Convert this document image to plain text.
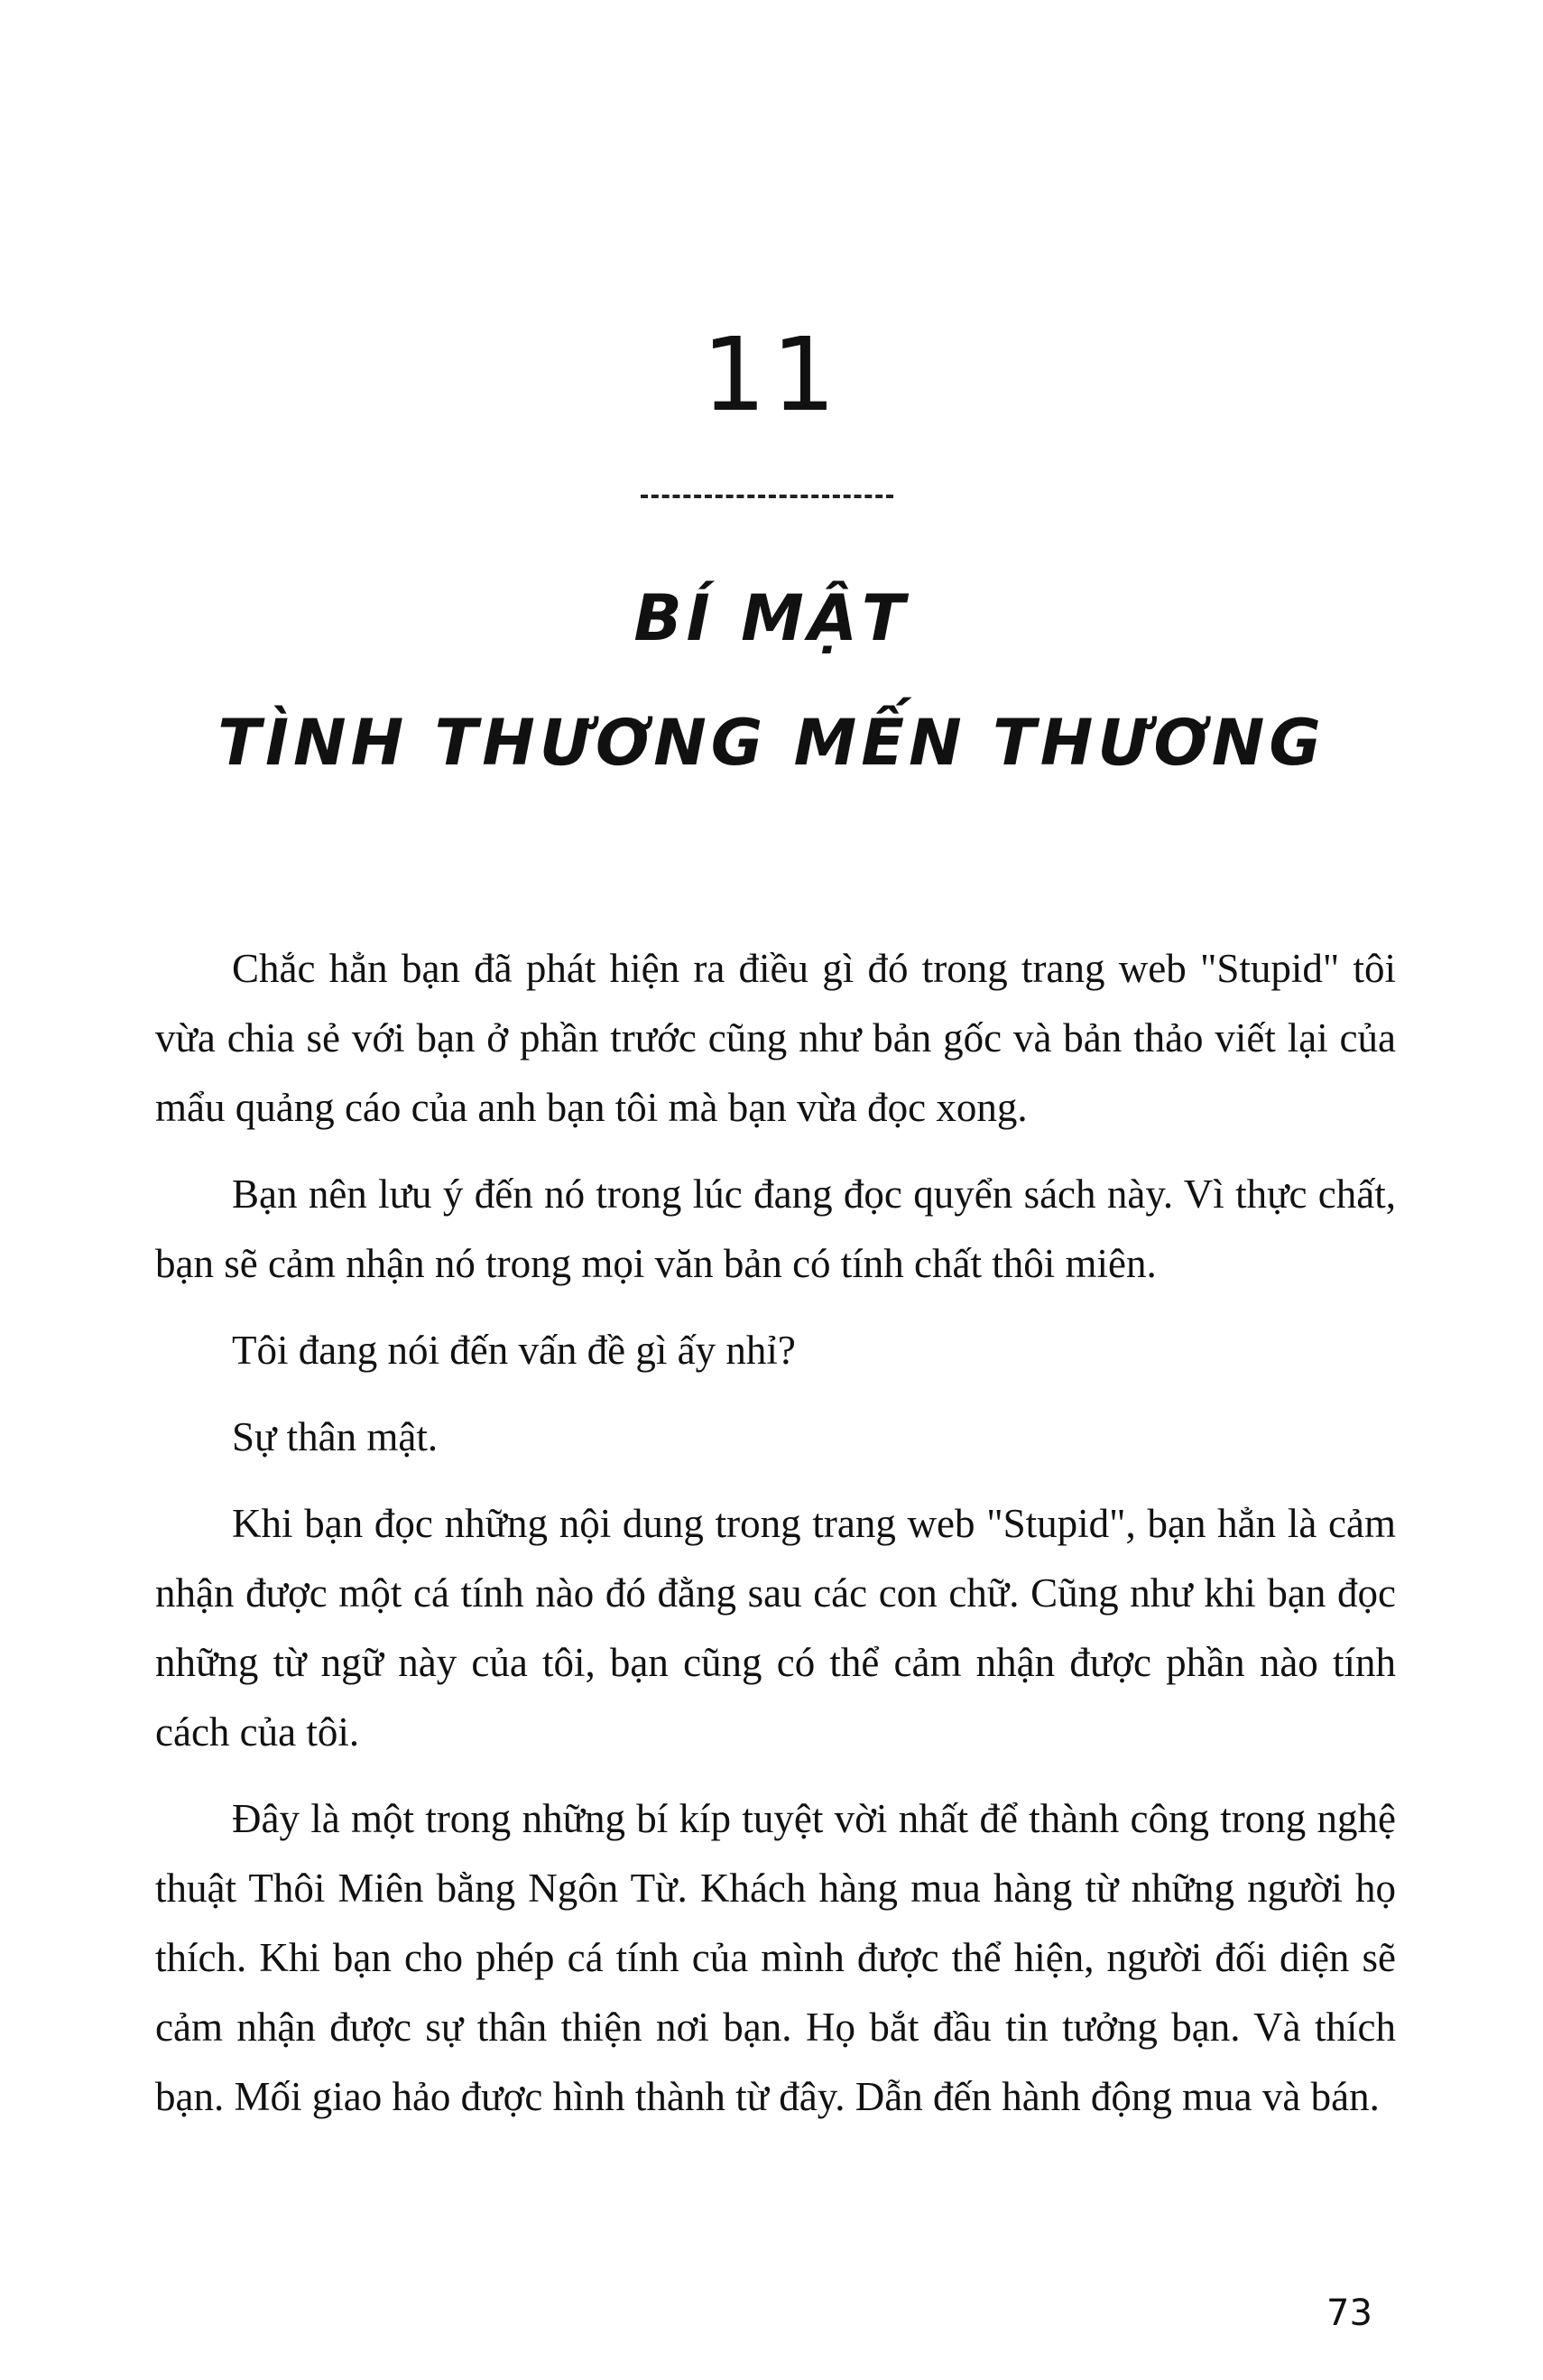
11
BÍ MẬT
TÌNH THƯƠNG MẾN THƯƠNG

Chắc hẳn bạn đã phát hiện ra điều gì đó trong trang web "Stupid" tôi vừa chia sẻ với bạn ở phần trước cũng như bản gốc và bản thảo viết lại của mẩu quảng cáo của anh bạn tôi mà bạn vừa đọc xong.

Bạn nên lưu ý đến nó trong lúc đang đọc quyển sách này. Vì thực chất, bạn sẽ cảm nhận nó trong mọi văn bản có tính chất thôi miên.

Tôi đang nói đến vấn đề gì ấy nhỉ?

Sự thân mật.

Khi bạn đọc những nội dung trong trang web "Stupid", bạn hẳn là cảm nhận được một cá tính nào đó đằng sau các con chữ. Cũng như khi bạn đọc những từ ngữ này của tôi, bạn cũng có thể cảm nhận được phần nào tính cách của tôi.

Đây là một trong những bí kíp tuyệt vời nhất để thành công trong nghệ thuật Thôi Miên bằng Ngôn Từ. Khách hàng mua hàng từ những người họ thích. Khi bạn cho phép cá tính của mình được thể hiện, người đối diện sẽ cảm nhận được sự thân thiện nơi bạn. Họ bắt đầu tin tưởng bạn. Và thích bạn. Mối giao hảo được hình thành từ đây. Dẫn đến hành động mua và bán.

73
